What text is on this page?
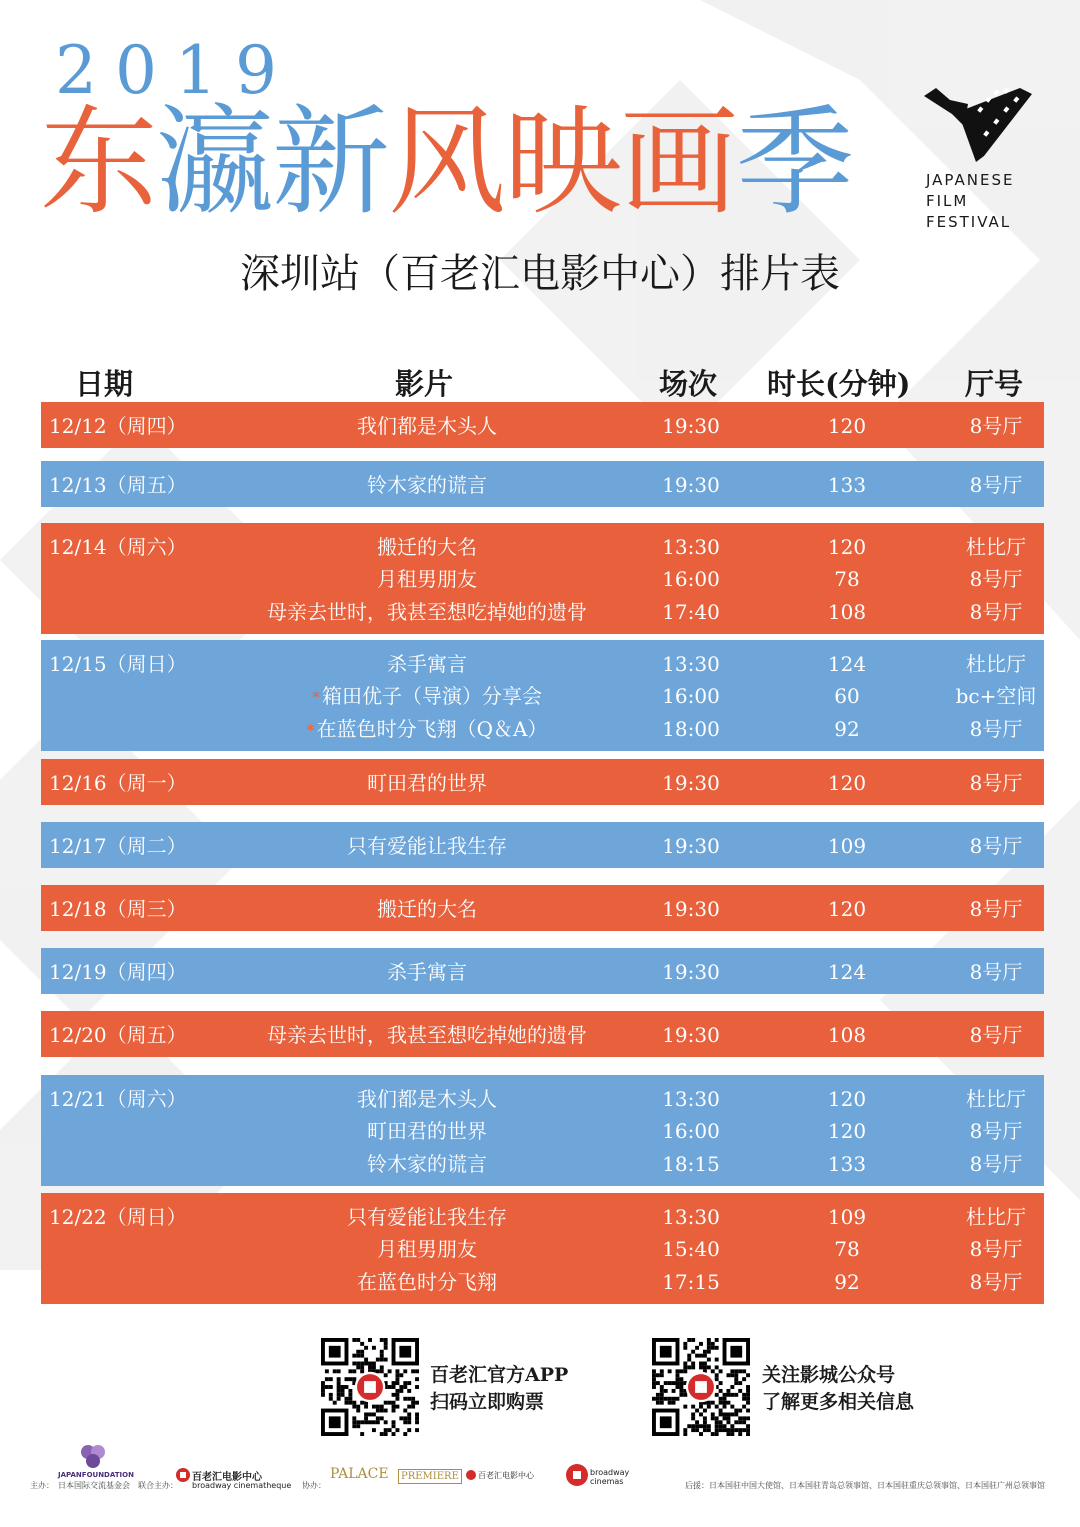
2019
东瀛新风映画季	JAPANESE
FILM
FESTIVAL
深圳站（百老汇电影中心）排片表
日期	影片	场次 时长(分钟) 厅号
12/12（周四）	我们都是木头人	19:30	120	8号厅
12/13（周五）	铃木家的谎言	19:30	133	8号厅
12/14（周六）	搬迁的大名	13:30	120	杜比厅
月租男朋友	16:00	78	8号厅
母亲去世时，我甚至想吃掉她的遗骨	17:40	108	8号厅
12/15（周日）	杀手寓言	13:30	124	杜比厅
* 箱田优子（导演）分享会	16:00	60	bc+空间
* 在蓝色时分飞翔（Q＆A）	18:00	92	8号厅
12/16（周一）	町田君的世界	19:30	120	8号厅
12/17（周二）	只有爱能让我生存	19:30	109	8号厅
12/18（周三）	搬迁的大名	19:30	120	8号厅
12/19（周四）	杀手寓言	19:30	124	8号厅
12/20（周五）	母亲去世时，我甚至想吃掉她的遗骨	19:30	108	8号厅
12/21（周六）	我们都是木头人	13:30	120	杜比厅
町田君的世界	16:00	120	8号厅
铃木家的谎言	18:15	133	8号厅
12/22（周日）	只有爱能让我生存	13:30	109	杜比厅
月租男朋友	15:40	78	8号厅
在蓝色时分飞翔	17:15	92	8号厅
百老汇官方APP
扫码立即购票
关注影城公众号
了解更多相关信息
主办：
JAPANFOUNDATION
日本国际交流基金会 联合主办：
百老汇电影中心
broadway cinematheque 协办：
PALACE	PREMIERE	百老汇电影中心	broadway cinemas	后援：日本国驻中国大使馆、日本国驻青岛总领事馆、日本国驻重庆总领事馆、日本国驻广州总领事馆
